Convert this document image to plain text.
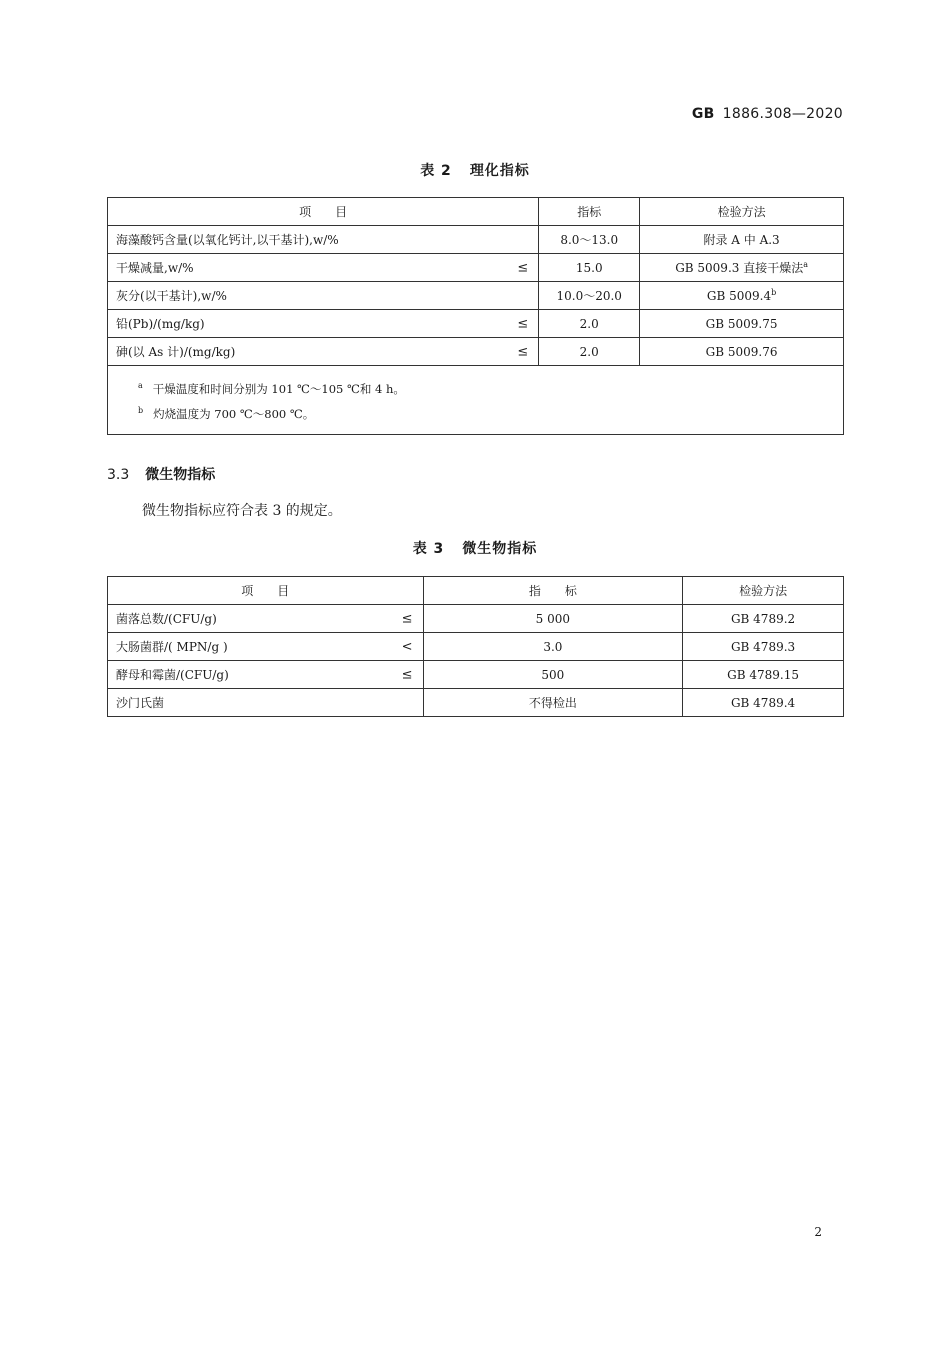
GB 1886.308—2020
表 2 理化指标
项　　目	指标	检验方法
海藻酸钙含量(以氧化钙计,以干基计),w/%	8.0～13.0	附录 A 中 A.3
干燥减量,w/% ≤	15.0	GB 5009.3 直接干燥法$^a$
灰分(以干基计),w/%	10.0～20.0	GB 5009.4$^b$
铅(Pb)/(mg/kg) ≤	2.0	GB 5009.75
砷(以 As 计)/(mg/kg) ≤	2.0	GB 5009.76

$^a$ 干燥温度和时间分别为 101 ℃～105 ℃和 4 h。
$^b$ 灼烧温度为 700 ℃～800 ℃。		
3.3 微生物指标
微生物指标应符合表 3 的规定。
表 3 微生物指标
项　　目	指　　标	检验方法
菌落总数/(CFU/g) ≤	5 000	GB 4789.2
大肠菌群/( MPN/g ) <	3.0	GB 4789.3
酵母和霉菌/(CFU/g) ≤	500	GB 4789.15
沙门氏菌	不得检出	GB 4789.4
2
